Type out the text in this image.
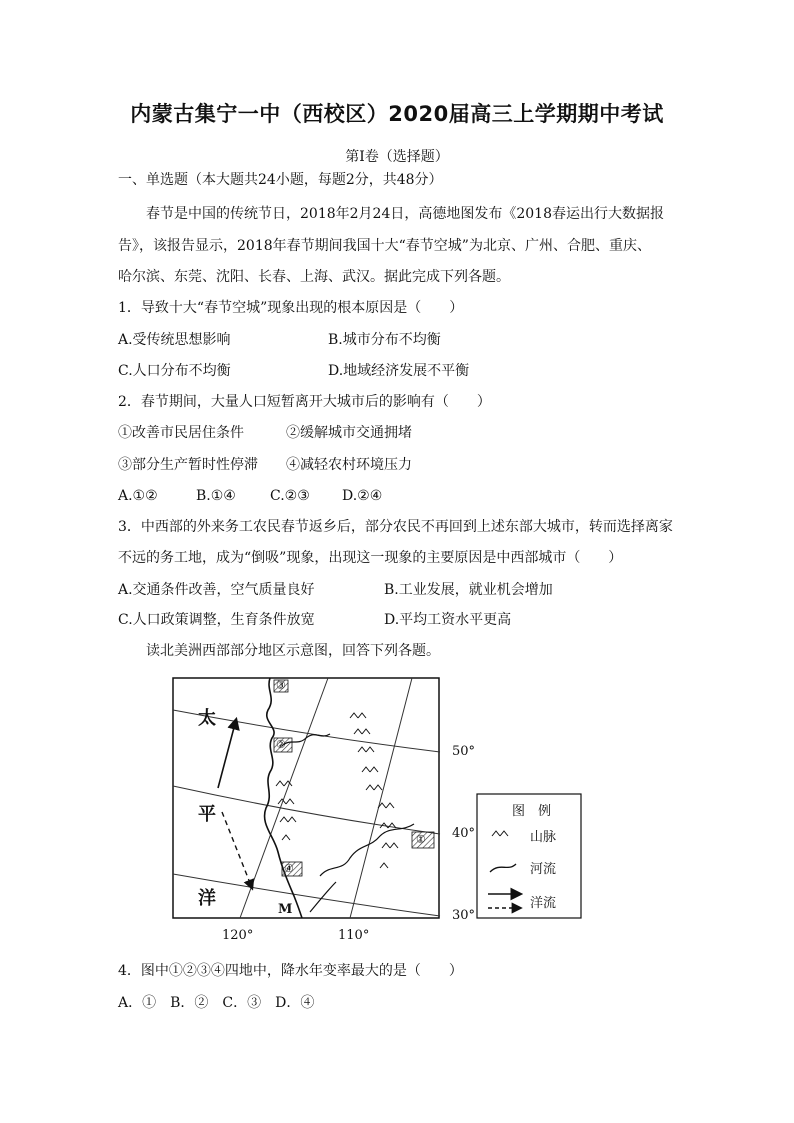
内蒙古集宁一中（西校区）2020届高三上学期期中考试
第Ⅰ卷（选择题）
一、单选题（本大题共24小题，每题2分，共48分）
春节是中国的传统节日，2018年2月24日，高德地图发布《2018春运出行大数据报
告》，该报告显示，2018年春节期间我国十大“春节空城”为北京、广州、合肥、重庆、
哈尔滨、东莞、沈阳、长春、上海、武汉。据此完成下列各题。
1．导致十大“春节空城”现象出现的根本原因是（　　）
A.受传统思想影响	B.城市分布不均衡
C.人口分布不均衡	D.地域经济发展不平衡
2．春节期间，大量人口短暂离开大城市后的影响有（　　）
①改善市民居住条件	②缓解城市交通拥堵
③部分生产暂时性停滞 ④减轻农村环境压力
A.①②	B.①④ C.②③ D.②④
3．中西部的外来务工农民春节返乡后，部分农民不再回到上述东部大城市，转而选择离家
不远的务工地，成为“倒吸”现象，出现这一现象的主要原因是中西部城市（　　）
A.交通条件改善，空气质量良好	B.工业发展，就业机会增加
C.人口政策调整，生育条件放宽	D.平均工资水平更高
读北美洲西部部分地区示意图，回答下列各题。
太
平
洋
③
②
④
①
M
50°
40°
30°
120°	110°
图　例
山脉
河流
洋流
4．图中①②③④四地中，降水年变率最大的是（　　）
A．①　B．②　C．③　D．④
